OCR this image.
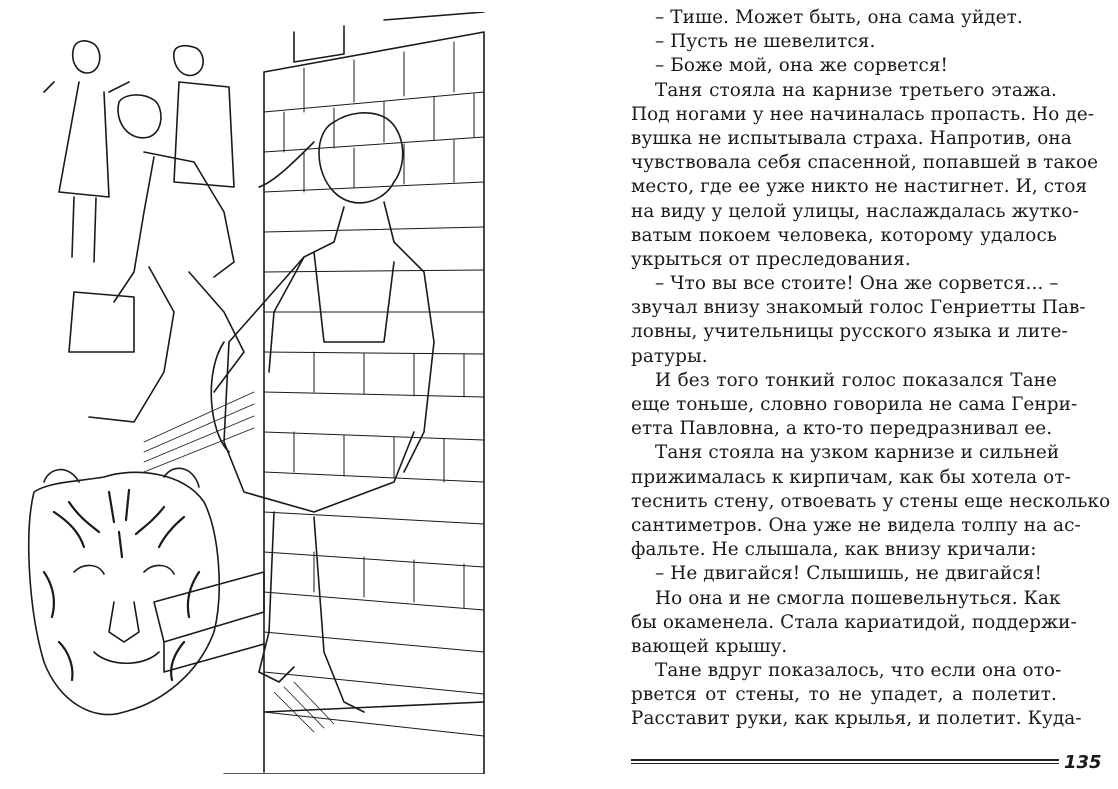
– Тише. Может быть, она сама уйдет.
– Пусть не шевелится.
– Боже мой, она же сорвется!
Таня стояла на карнизе третьего этажа.
Под ногами у нее начиналась пропасть. Но де-
вушка не испытывала страха. Напротив, она
чувствовала себя спасенной, попавшей в такое
место, где ее уже никто не настигнет. И, стоя
на виду у целой улицы, наслаждалась жутко-
ватым покоем человека, которому удалось
укрыться от преследования.
– Что вы все стоите! Она же сорвется... –
звучал внизу знакомый голос Генриетты Пав-
ловны, учительницы русского языка и лите-
ратуры.
И без того тонкий голос показался Тане
еще тоньше, словно говорила не сама Генри-
етта Павловна, а кто-то передразнивал ее.
Таня стояла на узком карнизе и сильней
прижималась к кирпичам, как бы хотела от-
теснить стену, отвоевать у стены еще несколько
сантиметров. Она уже не видела толпу на ас-
фальте. Не слышала, как внизу кричали:
– Не двигайся! Слышишь, не двигайся!
Но она и не смогла пошевельнуться. Как
бы окаменела. Стала кариатидой, поддержи-
вающей крышу.
Тане вдруг показалось, что если она ото-
рвется от стены, то не упадет, а полетит.
Расставит руки, как крылья, и полетит. Куда-
135
